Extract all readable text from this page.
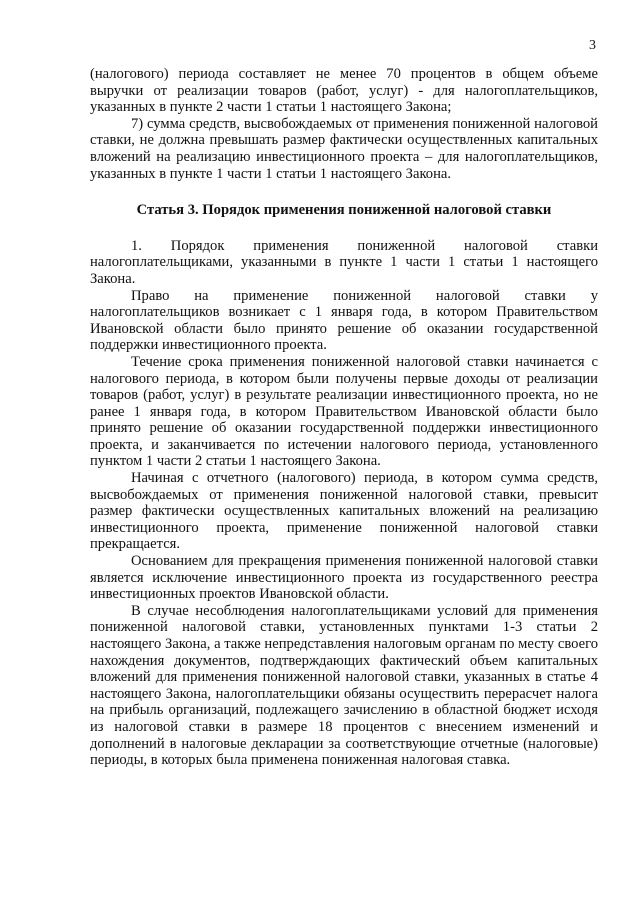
3

(налогового) периода составляет не менее 70 процентов в общем объеме выручки от реализации товаров (работ, услуг) - для налогоплательщиков, указанных в пункте 2 части 1 статьи 1 настоящего Закона;

7) сумма средств, высвобождаемых от применения пониженной налоговой ставки, не должна превышать размер фактически осуществленных капитальных вложений на реализацию инвестиционного проекта – для налогоплательщиков, указанных в пункте 1 части 1 статьи 1 настоящего Закона.

Статья 3. Порядок применения пониженной налоговой ставки

1. Порядок применения пониженной налоговой ставки налогоплательщиками, указанными в пункте 1 части 1 статьи 1 настоящего Закона.

Право на применение пониженной налоговой ставки у налогоплательщиков возникает с 1 января года, в котором Правительством Ивановской области было принято решение об оказании государственной поддержки инвестиционного проекта.

Течение срока применения пониженной налоговой ставки начинается с налогового периода, в котором были получены первые доходы от реализации товаров (работ, услуг) в результате реализации инвестиционного проекта, но не ранее 1 января года, в котором Правительством Ивановской области было принято решение об оказании государственной поддержки инвестиционного проекта, и заканчивается по истечении налогового периода, установленного пунктом 1 части 2 статьи 1 настоящего Закона.

Начиная с отчетного (налогового) периода, в котором сумма средств, высвобождаемых от применения пониженной налоговой ставки, превысит размер фактически осуществленных капитальных вложений на реализацию инвестиционного проекта, применение пониженной налоговой ставки прекращается.

Основанием для прекращения применения пониженной налоговой ставки является исключение инвестиционного проекта из государственного реестра инвестиционных проектов Ивановской области.

В случае несоблюдения налогоплательщиками условий для применения пониженной налоговой ставки, установленных пунктами 1-3 статьи 2 настоящего Закона, а также непредставления налоговым органам по месту своего нахождения документов, подтверждающих фактический объем капитальных вложений для применения пониженной налоговой ставки, указанных в статье 4 настоящего Закона, налогоплательщики обязаны осуществить перерасчет налога на прибыль организаций, подлежащего зачислению в областной бюджет исходя из налоговой ставки в размере 18 процентов с внесением изменений и дополнений в налоговые декларации за соответствующие отчетные (налоговые) периоды, в которых была применена пониженная налоговая ставка.
